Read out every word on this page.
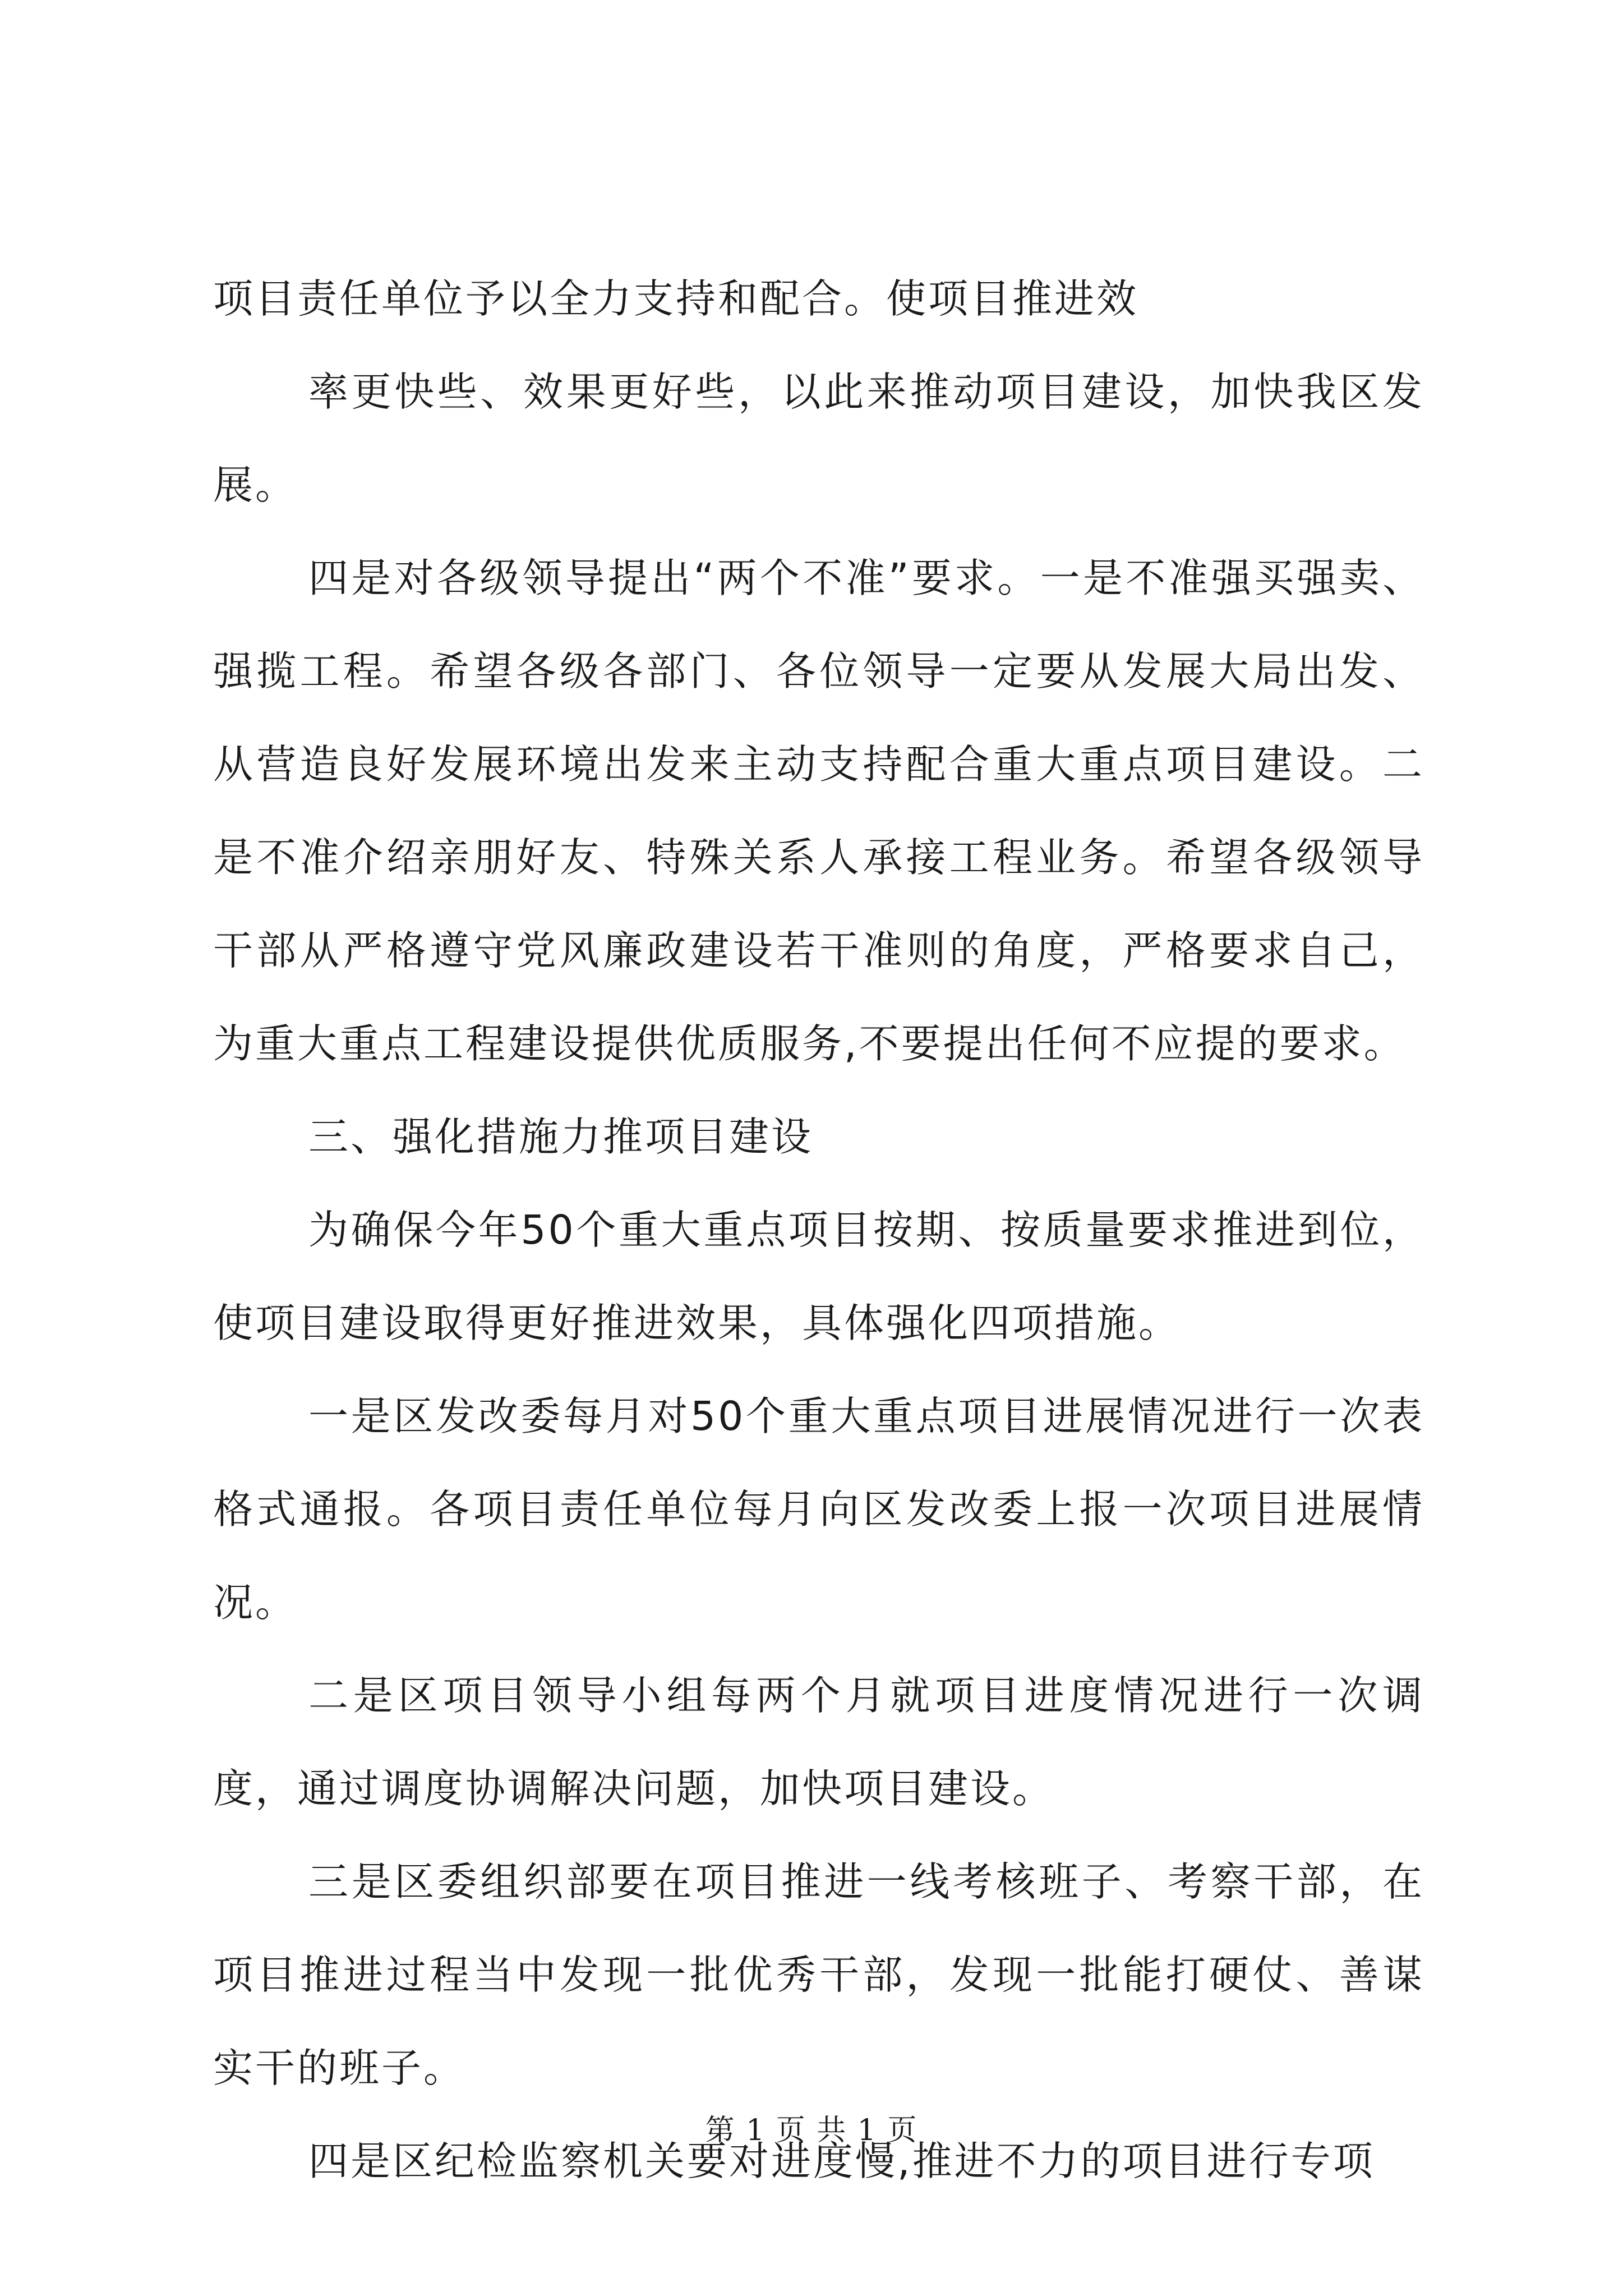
项目责任单位予以全力支持和配合。使项目推进效

率更快些、效果更好些，以此来推动项目建设，加快我区发展。

四是对各级领导提出“两个不准”要求。一是不准强买强卖、强揽工程。希望各级各部门、各位领导一定要从发展大局出发、从营造良好发展环境出发来主动支持配合重大重点项目建设。二是不准介绍亲朋好友、特殊关系人承接工程业务。希望各级领导干部从严格遵守党风廉政建设若干准则的角度，严格要求自己，为重大重点工程建设提供优质服务,不要提出任何不应提的要求。

三、强化措施力推项目建设

为确保今年50个重大重点项目按期、按质量要求推进到位，使项目建设取得更好推进效果，具体强化四项措施。

一是区发改委每月对50个重大重点项目进展情况进行一次表格式通报。各项目责任单位每月向区发改委上报一次项目进展情况。

二是区项目领导小组每两个月就项目进度情况进行一次调度，通过调度协调解决问题，加快项目建设。

三是区委组织部要在项目推进一线考核班子、考察干部，在项目推进过程当中发现一批优秀干部，发现一批能打硬仗、善谋实干的班子。

四是区纪检监察机关要对进度慢,推进不力的项目进行专项

第 1 页 共 1 页
